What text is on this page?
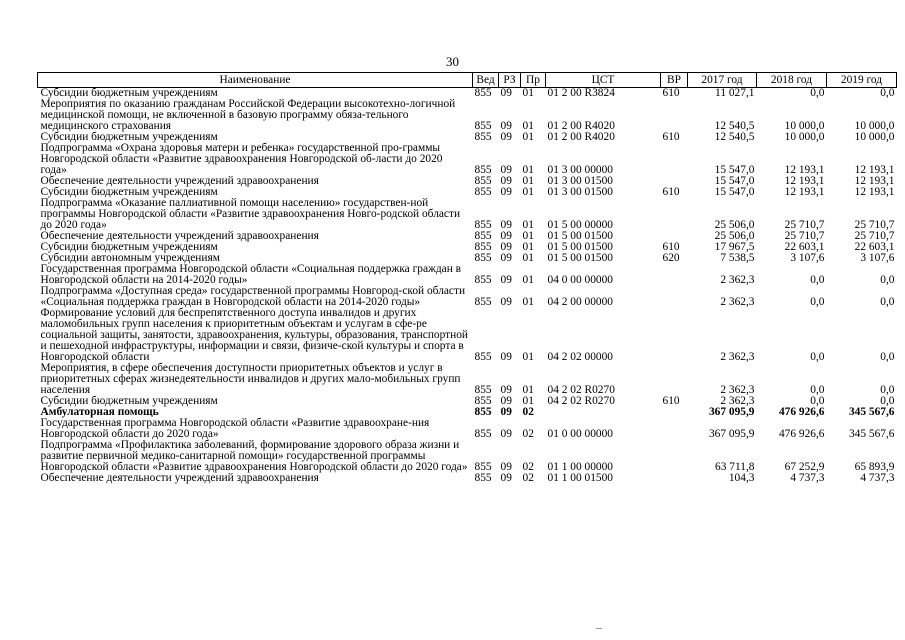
30
Наименование	Вед	РЗ	Пр	ЦСТ	ВР	2017 год	2018 год	2019 год
Субсидии бюджетным учреждениям	855	09	01	01 2 00 R3824	610	11 027,1	0,0	0,0
Мероприятия по оказанию гражданам Российской Федерации высокотехно-логичной медицинской помощи, не включенной в базовую программу обяза-тельного медицинского страхования	855	09	01	01 2 00 R4020		12 540,5	10 000,0	10 000,0
Субсидии бюджетным учреждениям	855	09	01	01 2 00 R4020	610	12 540,5	10 000,0	10 000,0
Подпрограмма «Охрана здоровья матери и ребенка» государственной про-граммы Новгородской области «Развитие здравоохранения Новгородской об-ласти до 2020 года»	855	09	01	01 3 00 00000		15 547,0	12 193,1	12 193,1
Обеспечение деятельности учреждений здравоохранения	855	09	01	01 3 00 01500		15 547,0	12 193,1	12 193,1
Субсидии бюджетным учреждениям	855	09	01	01 3 00 01500	610	15 547,0	12 193,1	12 193,1
Подпрограмма «Оказание паллиативной помощи населению» государствен-ной программы Новгородской области «Развитие здравоохранения Новго-родской области до 2020 года»	855	09	01	01 5 00 00000		25 506,0	25 710,7	25 710,7
Обеспечение деятельности учреждений здравоохранения	855	09	01	01 5 00 01500		25 506,0	25 710,7	25 710,7
Субсидии бюджетным учреждениям	855	09	01	01 5 00 01500	610	17 967,5	22 603,1	22 603,1
Субсидии автономным учреждениям	855	09	01	01 5 00 01500	620	7 538,5	3 107,6	3 107,6
Государственная программа Новгородской области «Социальная поддержка граждан в Новгородской области на 2014-2020 годы»	855	09	01	04 0 00 00000		2 362,3	0,0	0,0
Подпрограмма «Доступная среда» государственной программы Новгород-ской области «Социальная поддержка граждан в Новгородской области на 2014-2020 годы»	855	09	01	04 2 00 00000		2 362,3	0,0	0,0
Формирование условий для беспрепятственного доступа инвалидов и других маломобильных групп населения к приоритетным объектам и услугам в сфе-ре социальной защиты, занятости, здравоохранения, культуры, образования, транспортной и пешеходной инфраструктуры, информации и связи, физиче-ской культуры и спорта в Новгородской области	855	09	01	04 2 02 00000		2 362,3	0,0	0,0
Мероприятия, в сфере обеспечения доступности приоритетных объектов и услуг в приоритетных сферах жизнедеятельности инвалидов и других мало-мобильных групп населения	855	09	01	04 2 02 R0270		2 362,3	0,0	0,0
Субсидии бюджетным учреждениям	855	09	01	04 2 02 R0270	610	2 362,3	0,0	0,0
Амбулаторная помощь	855	09	02			367 095,9	476 926,6	345 567,6
Государственная программа Новгородской области «Развитие здравоохране-ния Новгородской области до 2020 года»	855	09	02	01 0 00 00000		367 095,9	476 926,6	345 567,6
Подпрограмма «Профилактика заболеваний, формирование здорового образа жизни и развитие первичной медико-санитарной помощи» государственной программы Новгородской области «Развитие здравоохранения Новгородской области до 2020 года»	855	09	02	01 1 00 00000		63 711,8	67 252,9	65 893,9
Обеспечение деятельности учреждений здравоохранения	855	09	02	01 1 00 01500		104,3	4 737,3	4 737,3
